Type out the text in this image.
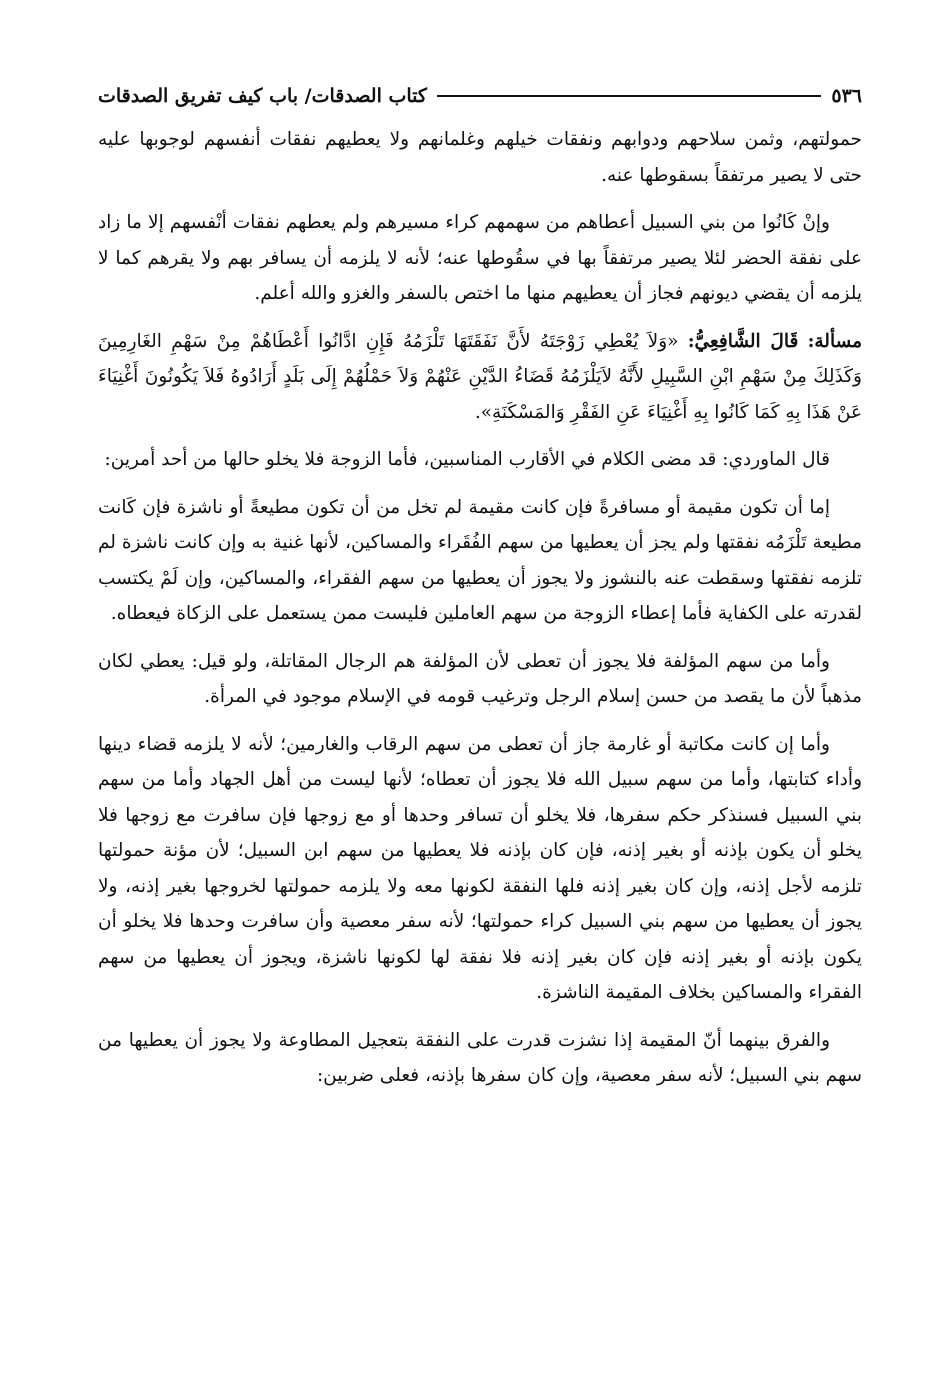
٥٣٦
كتاب الصدقات/ باب كيف تفريق الصدقات

حمولتهم، وثمن سلاحهم ودوابهم ونفقات خيلهم وغلمانهم ولا يعطيهم نفقات أنفسهم لوجوبها عليه حتى لا يصير مرتفقاً بسقوطها عنه.

وإنْ كَانُوا من بني السبيل أعطاهم من سهمهم كراء مسيرهم ولم يعطهم نفقات أنْفسهم إلا ما زاد على نفقة الحضر لئلا يصير مرتفقاً بها في سقُوطها عنه؛ لأنه لا يلزمه أن يسافر بهم ولا يقرهم كما لا يلزمه أن يقضي ديونهم فجاز أن يعطيهم منها ما اختص بالسفر والغزو والله أعلم.

مسألة: قَالَ الشَّافِعِيُّ: «وَلاَ يُعْطِي زَوْجَتَهُ لأَنَّ نَفَقَتَهَا تَلْزَمُهُ فَإِنِ ادَّانُوا أَعْطَاهُمْ مِنْ سَهْمِ الغَارِمِينَ وَكَذَلِكَ مِنْ سَهْمِ ابْنِ السَّبِيلِ لأَنَّهُ لاَيَلْزَمُهُ قَضَاءُ الدَّيْنِ عَنْهُمْ وَلاَ حَمْلُهُمْ إِلَى بَلَدٍ أَرَادُوهُ فَلاَ يَكُونُونَ أَغْنِيَاءَ عَنْ هَذَا بِهِ كَمَا كَانُوا بِهِ أَغْنِيَاءَ عَنِ الفَقْرِ وَالمَسْكَنَةِ».

قال الماوردي: قد مضى الكلام في الأقارب المناسبين، فأما الزوجة فلا يخلو حالها من أحد أمرين:

إما أن تكون مقيمة أو مسافرةً فإن كانت مقيمة لم تخل من أن تكون مطيعةً أو ناشزة فإن كَانت مطيعة تَلْزَمُه نفقتها ولم يجز أن يعطيها من سهم الفُقَراء والمساكين، لأنها غنية به وإن كانت ناشزة لم تلزمه نفقتها وسقطت عنه بالنشوز ولا يجوز أن يعطيها من سهم الفقراء، والمساكين، وإن لَمْ يكتسب لقدرته على الكفاية فأما إعطاء الزوجة من سهم العاملين فليست ممن يستعمل على الزكاة فيعطاه.

وأما من سهم المؤلفة فلا يجوز أن تعطى لأن المؤلفة هم الرجال المقاتلة، ولو قيل: يعطي لكان مذهباً لأن ما يقصد من حسن إسلام الرجل وترغيب قومه في الإسلام موجود في المرأة.

وأما إن كانت مكاتبة أو غارمة جاز أن تعطى من سهم الرقاب والغارمين؛ لأنه لا يلزمه قضاء دينها وأداء كتابتها، وأما من سهم سبيل الله فلا يجوز أن تعطاه؛ لأنها ليست من أهل الجهاد وأما من سهم بني السبيل فسنذكر حكم سفرها، فلا يخلو أن تسافر وحدها أو مع زوجها فإن سافرت مع زوجها فلا يخلو أن يكون بإذنه أو بغير إذنه، فإن كان بإذنه فلا يعطيها من سهم ابن السبيل؛ لأن مؤنة حمولتها تلزمه لأجل إذنه، وإن كان بغير إذنه فلها النفقة لكونها معه ولا يلزمه حمولتها لخروجها بغير إذنه، ولا يجوز أن يعطيها من سهم بني السبيل كراء حمولتها؛ لأنه سفر معصية وأن سافرت وحدها فلا يخلو أن يكون بإذنه أو بغير إذنه فإن كان بغير إذنه فلا نفقة لها لكونها ناشزة، ويجوز أن يعطيها من سهم الفقراء والمساكين بخلاف المقيمة الناشزة.

والفرق بينهما أنّ المقيمة إذا نشزت قدرت على النفقة بتعجيل المطاوعة ولا يجوز أن يعطيها من سهم بني السبيل؛ لأنه سفر معصية، وإن كان سفرها بإذنه، فعلى ضربين:
